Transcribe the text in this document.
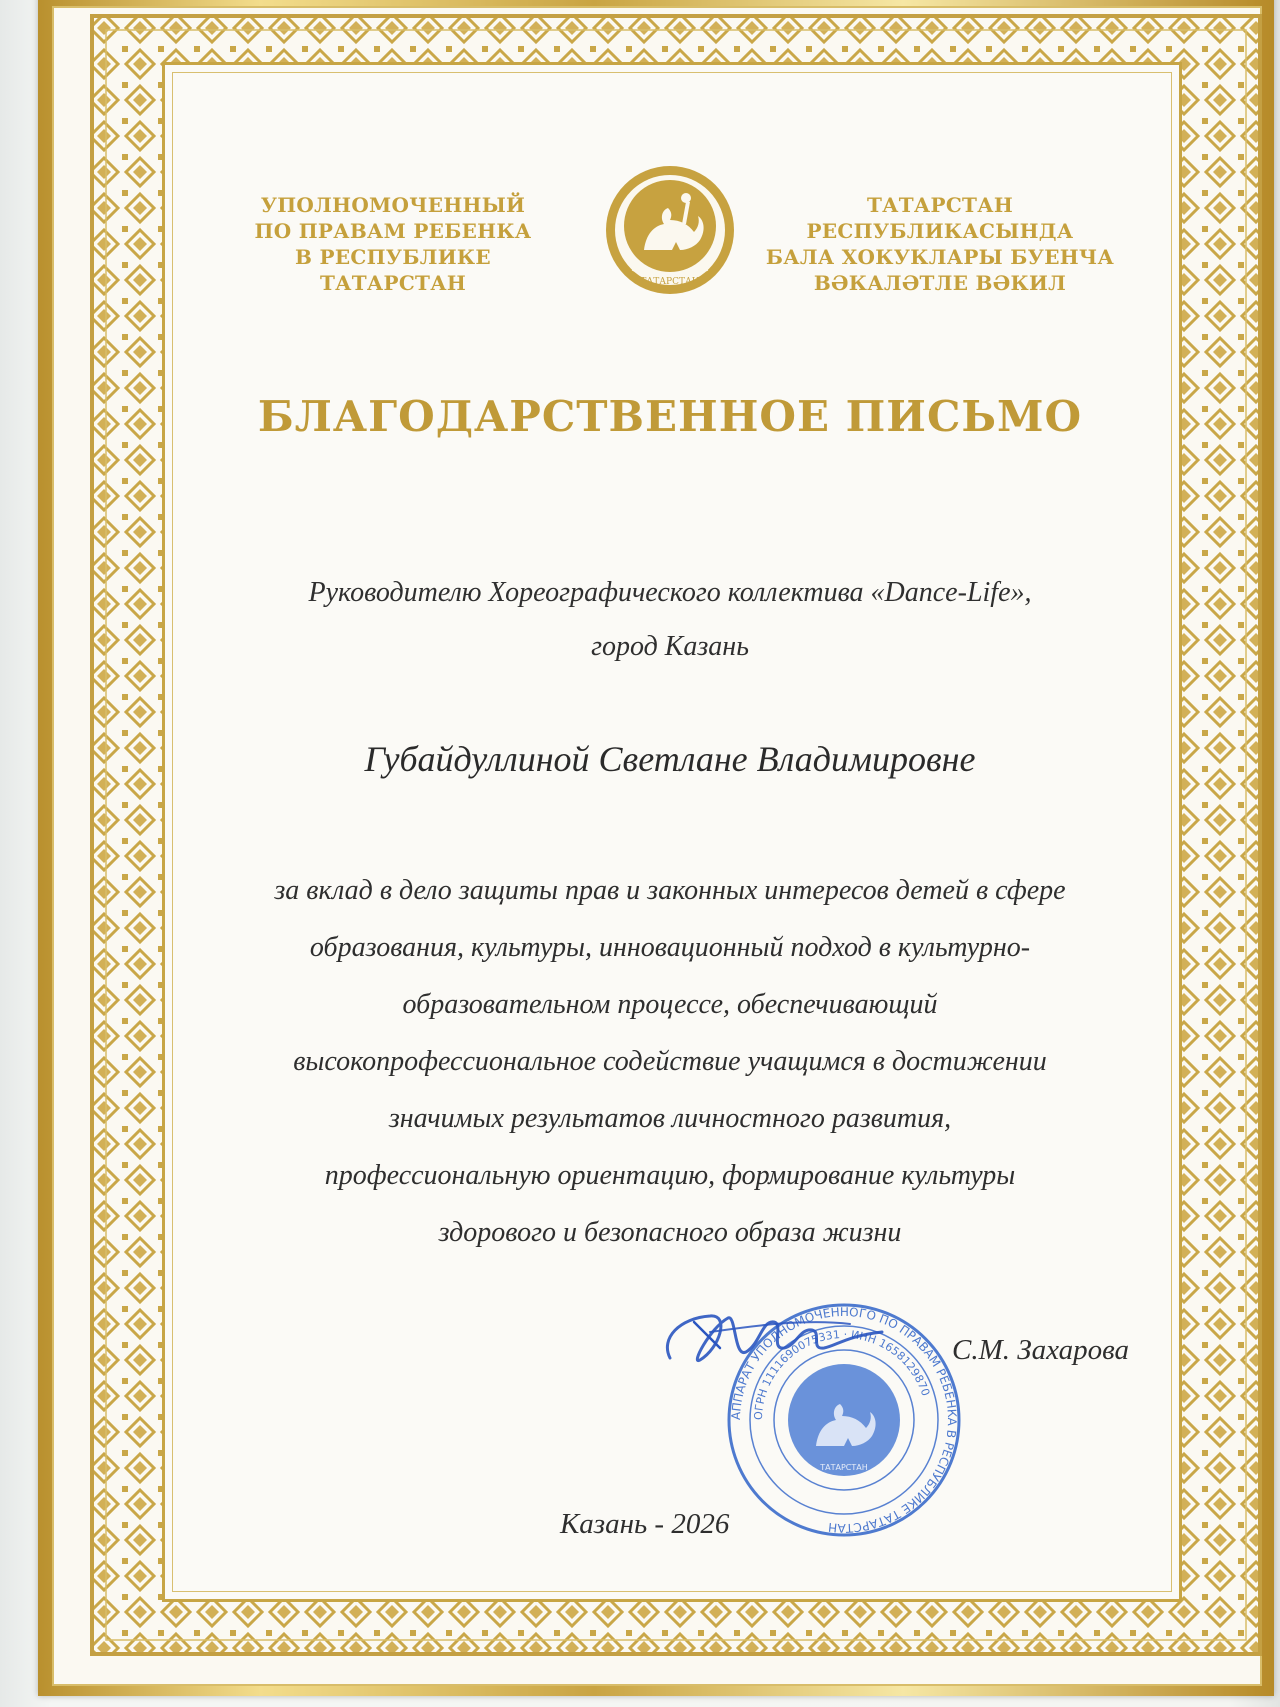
УПОЛНОМОЧЕННЫЙ
ПО ПРАВАМ РЕБЕНКА
В РЕСПУБЛИКЕ ТАТАРСТАН	ТАТАРСТАН
ТАТАРСТАН РЕСПУБЛИКАСЫНДА
БАЛА ХОКУКЛАРЫ БУЕНЧА
ВӘКАЛӘТЛЕ ВӘКИЛ
БЛАГОДАРСТВЕННОЕ ПИСЬМО
Руководителю Хореографического коллектива «Dance-Life»,
город Казань
Губайдуллиной Светлане Владимировне
за вклад в дело защиты прав и законных интересов детей в сфере
образования, культуры, инновационный подход в культурно-
образовательном процессе, обеспечивающий
высокопрофессиональное содействие учащимся в достижении
значимых результатов личностного развития,
профессиональную ориентацию, формирование культуры
здорового и безопасного образа жизни
АППАРАТ УПОЛНОМОЧЕННОГО ПО ПРАВАМ РЕБЕНКА В РЕСПУБЛИКЕ ТАТАРСТАН
ОГРН 1111690075331 · ИНН 1658129870
ТАТАРСТАН
С.М. Захарова
Казань - 2026
